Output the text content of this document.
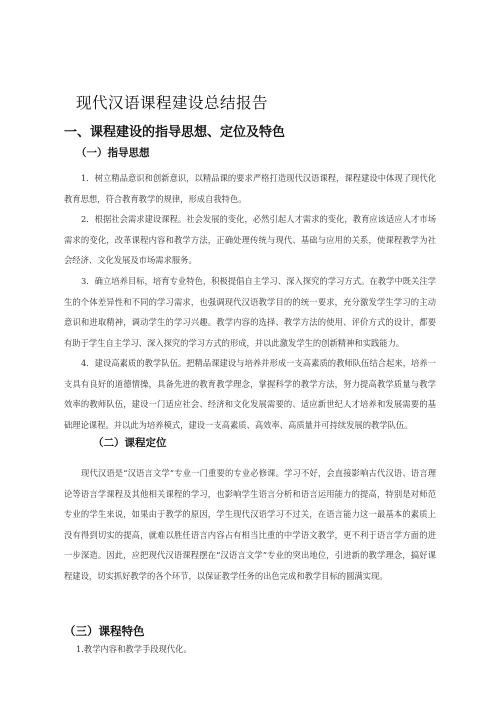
现代汉语课程建设总结报告
一、课程建设的指导思想、定位及特色
（一）指导思想

1．树立精品意识和创新意识，以精品课的要求严格打造现代汉语课程，课程建设中体现了现代化教育思想，符合教育教学的规律，形成自我特色。

2．根据社会需求建设课程。社会发展的变化，必然引起人才需求的变化，教育应该适应人才市场需求的变化，改革课程内容和教学方法，正确处理传统与现代、基础与应用的关系，使课程教学为社会经济、文化发展及市场需求服务。

3．确立培养目标，培育专业特色，积极提倡自主学习、深入探究的学习方式。在教学中既关注学生的个体差异性和不同的学习需求，也强调现代汉语教学目的的统一要求，充分激发学生学习的主动意识和进取精神，调动学生的学习兴趣。教学内容的选择、教学方法的使用、评价方式的设计，都要有助于学生自主学习、深入探究的学习方式的形成，并以此激发学生的创新精神和实践能力。

4．建设高素质的教学队伍。把精品课建设与培养并形成一支高素质的教师队伍结合起来，培养一支具有良好的道德情操，具备先进的教育教学理念，掌握科学的教学方法，努力提高教学质量与教学效率的教师队伍，建设一门适应社会、经济和文化发展需要的、适应新世纪人才培养和发展需要的基础理论课程。并以此为培养模式，建设一支高素质、高效率、高质量并可持续发展的教学队伍。

（二）课程定位

现代汉语是“汉语言文学”专业一门重要的专业必修课。学习不好，会直接影响古代汉语、语言理论等语言学课程及其他相关课程的学习，也影响学生语言分析和语言运用能力的提高，特别是对师范专业的学生来说，如果由于教学的原因，学生现代汉语学习不过关，在语言能力这一最基本的素质上没有得到切实的提高，就难以胜任语言内容占有相当比重的中学语文教学，更不利于语言学方面的进一步深造。因此，应把现代汉语课程摆在“汉语言文学”专业的突出地位，引进新的教学理念，搞好课程建设，切实抓好教学的各个环节，以保证教学任务的出色完成和教学目标的圆满实现。

（三）课程特色
1.教学内容和教学手段现代化。
